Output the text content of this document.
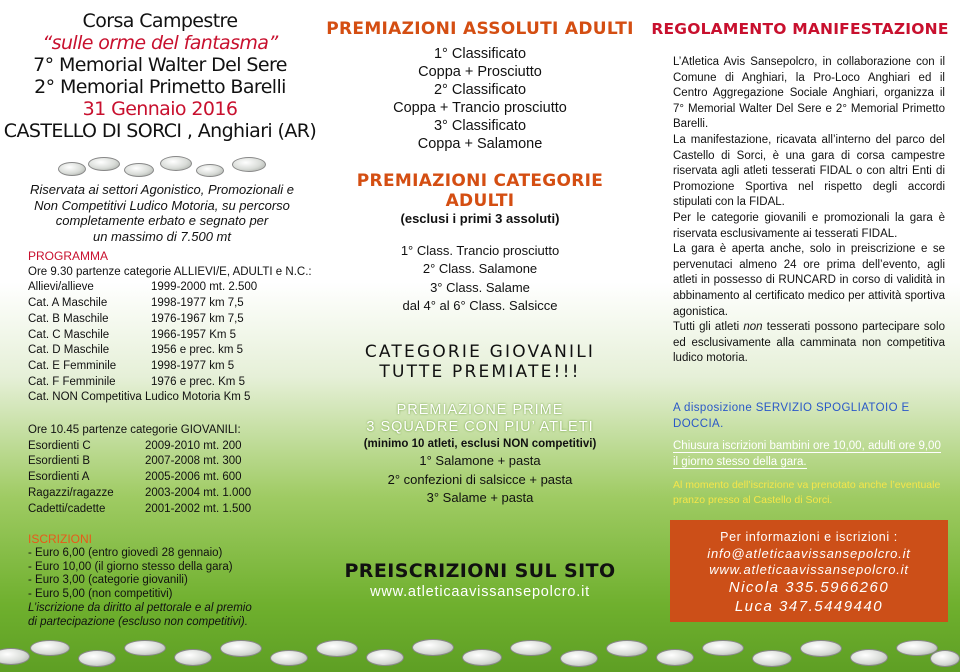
Corsa Campestre
“sulle orme del fantasma”
7° Memorial Walter Del Sere
2° Memorial Primetto Barelli
31 Gennaio 2016
CASTELLO DI SORCI , Anghiari (AR)
Riservata ai settori Agonistico, Promozionali e
Non Competitivi Ludico Motoria, su percorso
completamente erbato e segnato per
un massimo di 7.500 mt
PROGRAMMA
Ore 9.30 partenze categorie ALLIEVI/E, ADULTI e N.C.:
Allievi/allieve	1999-2000 mt. 2.500
Cat. A Maschile	1998-1977 km 7,5
Cat. B Maschile	1976-1967 km 7,5
Cat. C Maschile	1966-1957 Km 5
Cat. D Maschile	1956 e prec. km 5
Cat. E Femminile	1998-1977 km 5
Cat. F Femminile	1976 e prec. Km 5
Cat. NON Competitiva Ludico Motoria Km 5
Ore 10.45 partenze categorie GIOVANILI:
Esordienti C	2009-2010 mt. 200
Esordienti B	2007-2008 mt. 300
Esordienti A	2005-2006 mt. 600
Ragazzi/ragazze	2003-2004 mt. 1.000
Cadetti/cadette	2001-2002 mt. 1.500
ISCRIZIONI
- Euro 6,00 (entro giovedì 28 gennaio)
- Euro 10,00 (il giorno stesso della gara)
- Euro 3,00 (categorie giovanili)
- Euro 5,00 (non competitivi)
L’iscrizione da diritto al pettorale e al premio
di partecipazione (escluso non competitivi).
PREMIAZIONI ASSOLUTI ADULTI
1° Classificato
Coppa + Prosciutto
2° Classificato
Coppa + Trancio prosciutto
3° Classificato
Coppa + Salamone
PREMIAZIONI CATEGORIE ADULTI
(esclusi i primi 3 assoluti)
1° Class. Trancio prosciutto
2° Class. Salamone
3° Class. Salame
dal 4° al 6° Class. Salsicce
CATEGORIE GIOVANILI
TUTTE PREMIATE!!!
PREMIAZIONE PRIME
3 SQUADRE CON PIU’ ATLETI
(minimo 10 atleti, esclusi NON competitivi)
1° Salamone + pasta
2° confezioni di salsicce + pasta
3° Salame + pasta
PREISCRIZIONI SUL SITO
www.atleticaavissansepolcro.it
REGOLAMENTO MANIFESTAZIONE

L’Atletica Avis Sansepolcro, in collaborazione con il Comune di Anghiari, la Pro-Loco Anghiari ed il Centro Aggregazione Sociale Anghiari, organizza il 7° Memorial Walter Del Sere e 2° Memorial Primetto Barelli.

La manifestazione, ricavata all’interno del parco del Castello di Sorci, è una gara di corsa campestre riservata agli atleti tesserati FIDAL o con altri Enti di Promozione Sportiva nel rispetto degli accordi stipulati con la FIDAL.

Per le categorie giovanili e promozionali la gara è riservata esclusivamente ai tesserati FIDAL.

La gara è aperta anche, solo in preiscrizione e se pervenutaci almeno 24 ore prima dell’evento, agli atleti in possesso di RUNCARD in corso di validità in abbinamento al certificato medico per attività sportiva agonistica.

Tutti gli atleti non tesserati possono partecipare solo ed esclusivamente alla camminata non competitiva ludico motoria.

A disposizione SERVIZIO SPOGLIATOIO E DOCCIA.
Chiusura iscrizioni bambini ore 10,00, adulti ore 9,00 il giorno stesso della gara.
Al momento dell’iscrizione va prenotato anche l’eventuale pranzo presso al Castello di Sorci.
Per informazioni e iscrizioni :
info@atleticaavissansepolcro.it
www.atleticaavissansepolcro.it
Nicola 335.5966260
Luca 347.5449440
